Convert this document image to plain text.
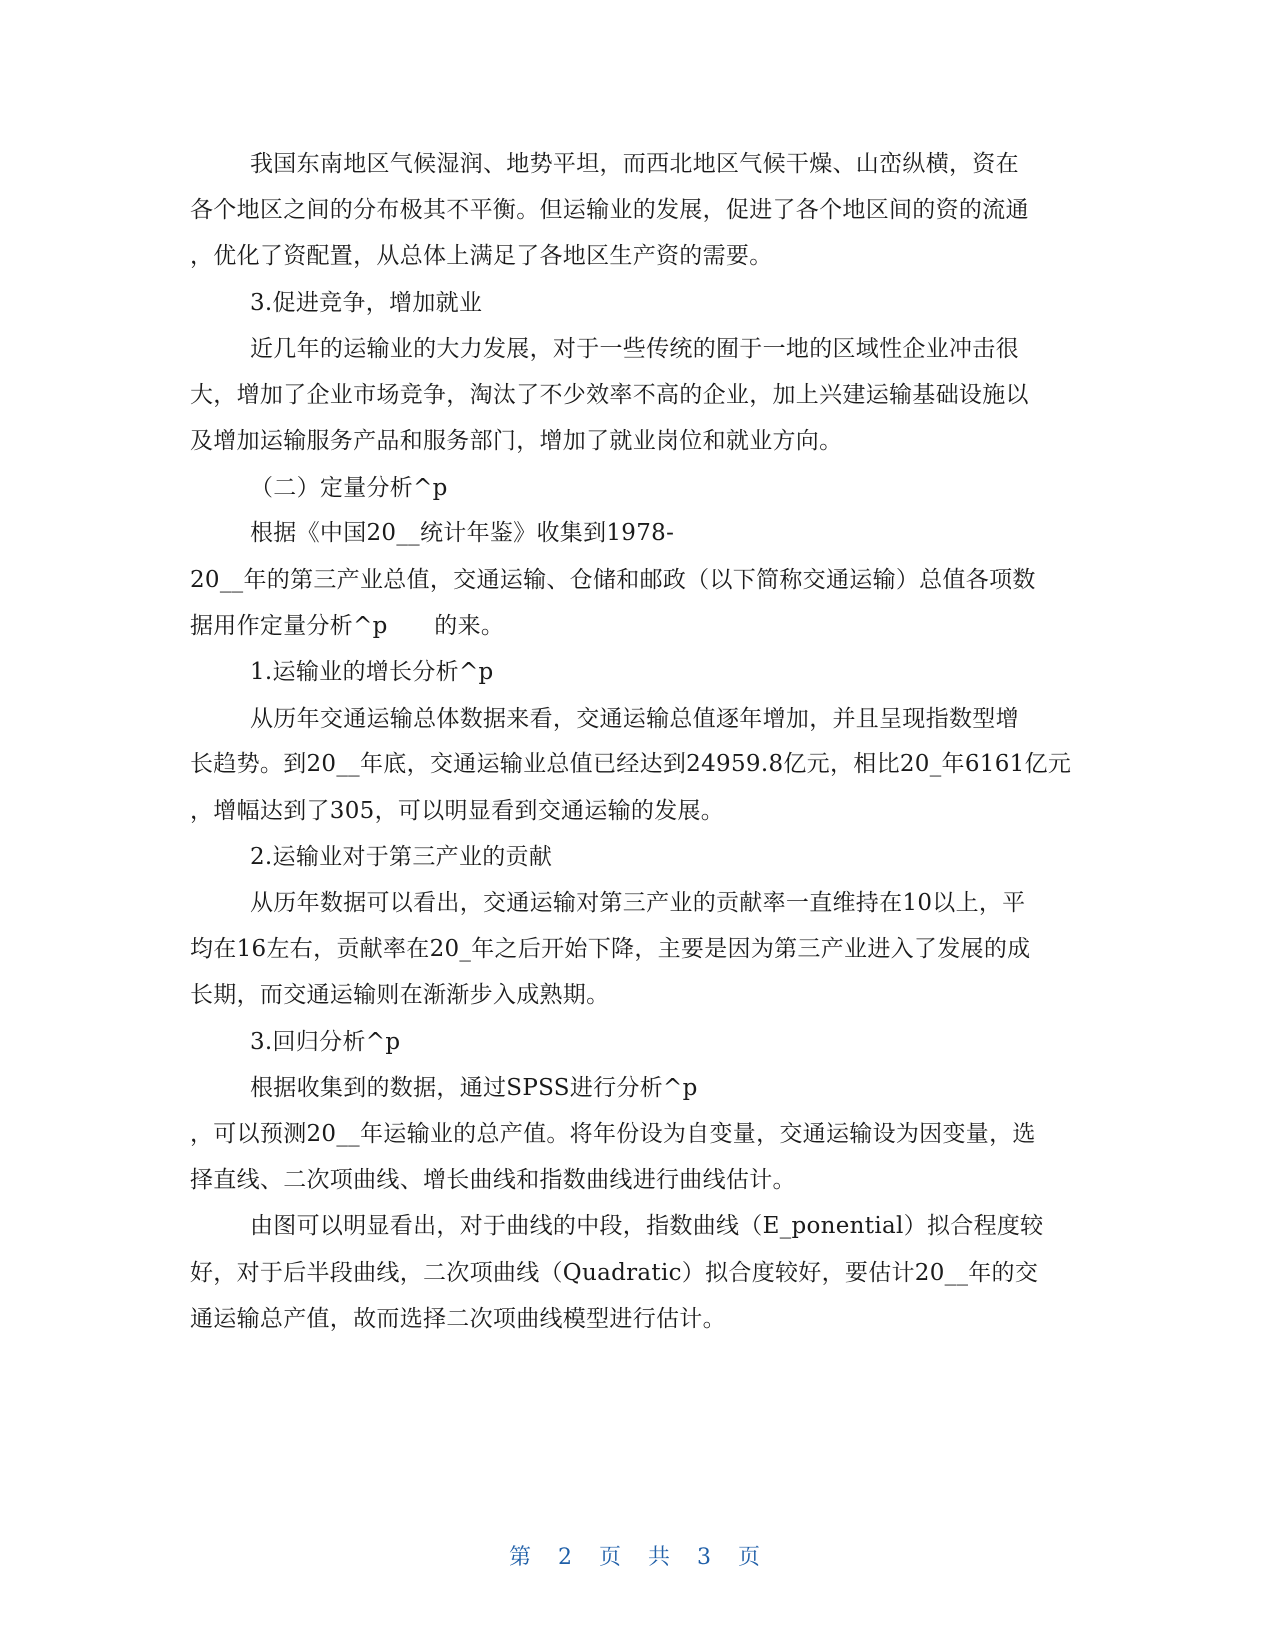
我国东南地区气候湿润、地势平坦，而西北地区气候干燥、山峦纵横，资在
各个地区之间的分布极其不平衡。但运输业的发展，促进了各个地区间的资的流通
，优化了资配置，从总体上满足了各地区生产资的需要。
3.促进竞争，增加就业
近几年的运输业的大力发展，对于一些传统的囿于一地的区域性企业冲击很
大，增加了企业市场竞争，淘汰了不少效率不高的企业，加上兴建运输基础设施以
及增加运输服务产品和服务部门，增加了就业岗位和就业方向。
（二）定量分析^p
根据《中国20__统计年鉴》收集到1978-
20__年的第三产业总值，交通运输、仓储和邮政（以下简称交通运输）总值各项数
据用作定量分析^p　　的来。
1.运输业的增长分析^p
从历年交通运输总体数据来看，交通运输总值逐年增加，并且呈现指数型增
长趋势。到20__年底，交通运输业总值已经达到24959.8亿元，相比20_年6161亿元
，增幅达到了305，可以明显看到交通运输的发展。
2.运输业对于第三产业的贡献
从历年数据可以看出，交通运输对第三产业的贡献率一直维持在10以上，平
均在16左右，贡献率在20_年之后开始下降，主要是因为第三产业进入了发展的成
长期，而交通运输则在渐渐步入成熟期。
3.回归分析^p
根据收集到的数据，通过SPSS进行分析^p
，可以预测20__年运输业的总产值。将年份设为自变量，交通运输设为因变量，选
择直线、二次项曲线、增长曲线和指数曲线进行曲线估计。
由图可以明显看出，对于曲线的中段，指数曲线（E_ponential）拟合程度较
好，对于后半段曲线，二次项曲线（Quadratic）拟合度较好，要估计20__年的交
通运输总产值，故而选择二次项曲线模型进行估计。
第 2 页 共 3 页
